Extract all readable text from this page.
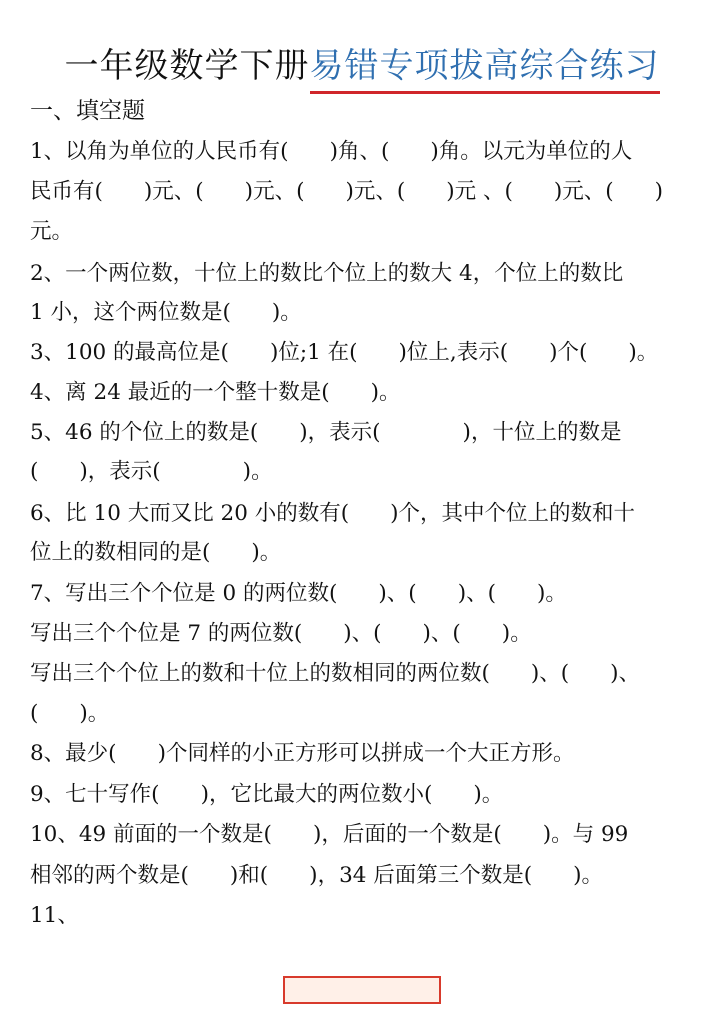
一年级数学下册易错专项拔高综合练习
一、填空题
1、以角为单位的人民币有(      )角、(      )角。以元为单位的人
民币有(      )元、(      )元、(      )元、(      )元 、(      )元、(      )
元。
2、一个两位数，十位上的数比个位上的数大 4，个位上的数比
1 小，这个两位数是(      )。
3、100 的最高位是(      )位;1 在(      )位上,表示(      )个(      )。
4、离 24 最近的一个整十数是(      )。
5、46 的个位上的数是(      )，表示(            )，十位上的数是
(      )，表示(            )。
6、比 10 大而又比 20 小的数有(      )个，其中个位上的数和十
位上的数相同的是(      )。
7、写出三个个位是 0 的两位数(      )、(      )、(      )。
写出三个个位是 7 的两位数(      )、(      )、(      )。
写出三个个位上的数和十位上的数相同的两位数(      )、(      )、
(      )。
8、最少(      )个同样的小正方形可以拼成一个大正方形。
9、七十写作(      )，它比最大的两位数小(      )。
10、49 前面的一个数是(      )，后面的一个数是(      )。与 99
相邻的两个数是(      )和(      )，34 后面第三个数是(      )。
11、
